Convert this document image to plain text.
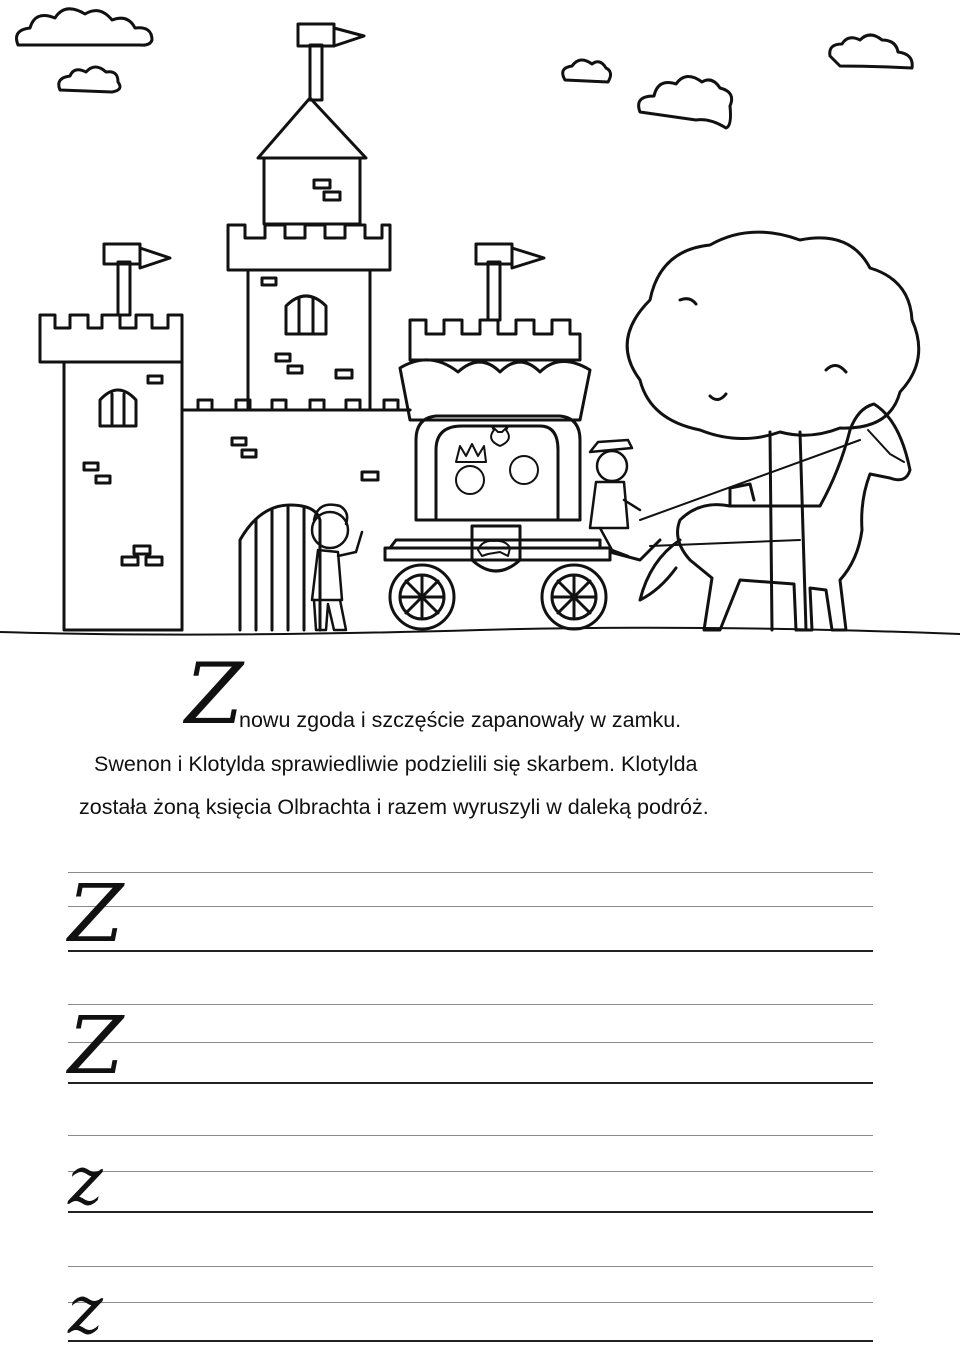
Z
nowu zgoda i szczęście zapanowały w zamku.
Swenon i Klotylda sprawiedliwie podzielili się skarbem. Klotylda
została żoną księcia Olbrachta i razem wyruszyli w daleką podróż.
Z
Z
z
z
